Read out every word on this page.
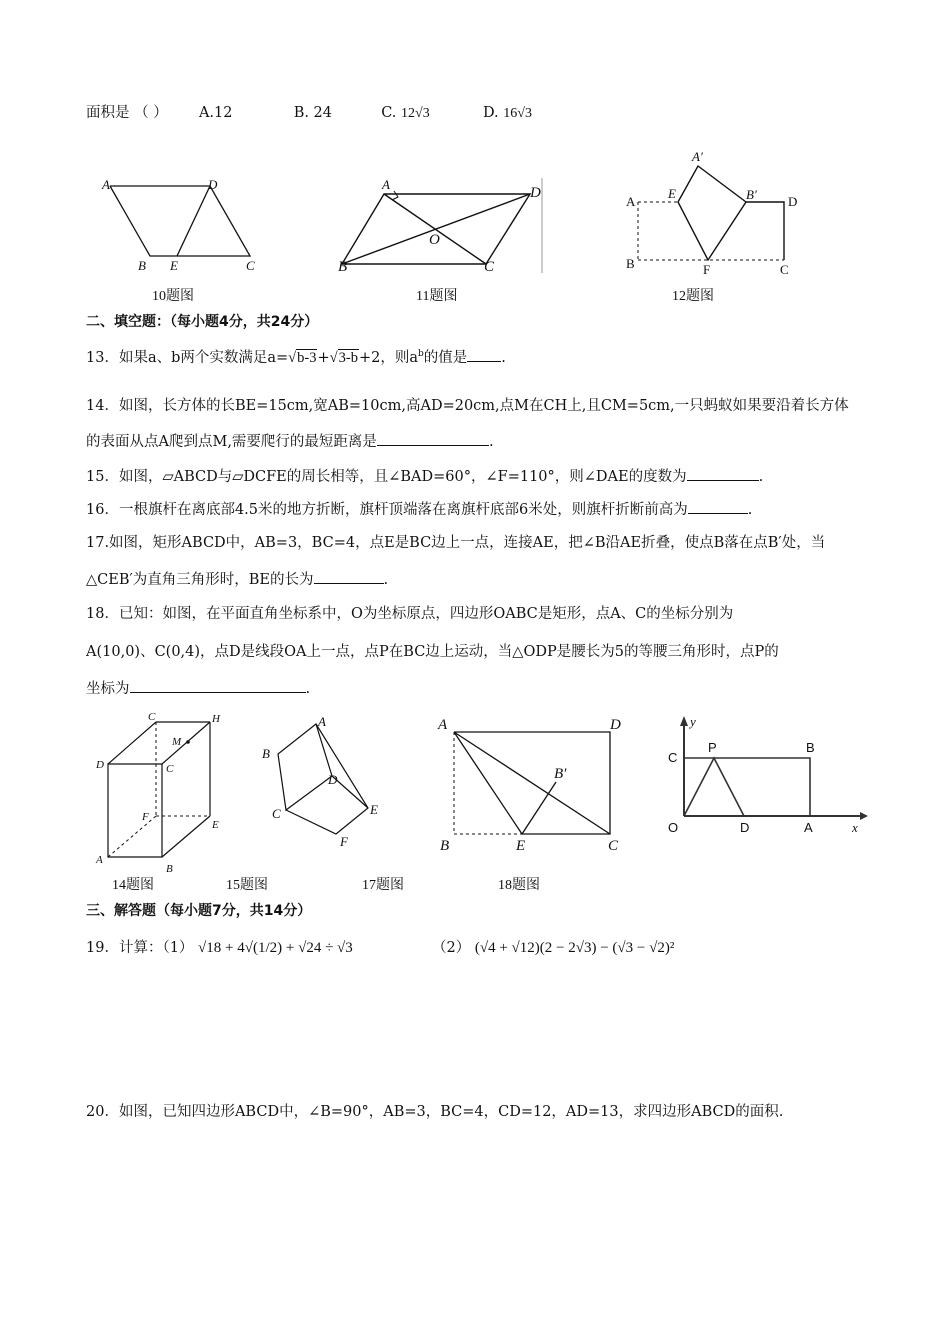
面积是 （ ） A.12	B. 24	C. 12√3	D. 16√3
A	D
B E	C
10题图
A
D
B
O
C
11题图
A′
A
E	B′ D
B	F	C
12题图
二、填空题：（每小题4分，共24分）
13．如果a、b两个实数满足a=√b-3+√3-b+2，则$a^b$的值是 .
14．如图，长方体的长BE=15cm,宽AB=10cm,高AD=20cm,点M在CH上,且CM=5cm,一只蚂蚁如果要沿着长方体
的表面从点A爬到点M,需要爬行的最短距离是	.
15．如图，▱ABCD与▱DCFE的周长相等，且∠BAD=60°，∠F=110°，则∠DAE的度数为	.
16．一根旗杆在离底部4.5米的地方折断，旗杆顶端落在离旗杆底部6米处，则旗杆折断前高为	.
17.如图，矩形ABCD中，AB=3，BC=4，点E是BC边上一点，连接AE，把∠B沿AE折叠，使点B落在点B′处，当
△CEB′为直角三角形时，BE的长为	.
18．已知：如图，在平面直角坐标系中，O为坐标原点，四边形OABC是矩形，点A、C的坐标分别为
A(10,0)、C(0,4)，点D是线段OA上一点，点P在BC边上运动，当△ODP是腰长为5的等腰三角形时，点P的
坐标为	.
C	H
M
D	C
F
E
A
B
14题图
A
B
D
C	E
F
15题图	17题图
A	D
B′
B	E	C
18题图
y
C
P	B
O	D	A	x
三、解答题（每小题7分，共14分）
19．计算：（1） √18 + 4√(1/2) + √24 ÷ √3	（2） (√4 + √12)(2 − 2√3) − (√3 − √2)²
20．如图，已知四边形ABCD中，∠B=90°，AB=3，BC=4，CD=12，AD=13，求四边形ABCD的面积.
